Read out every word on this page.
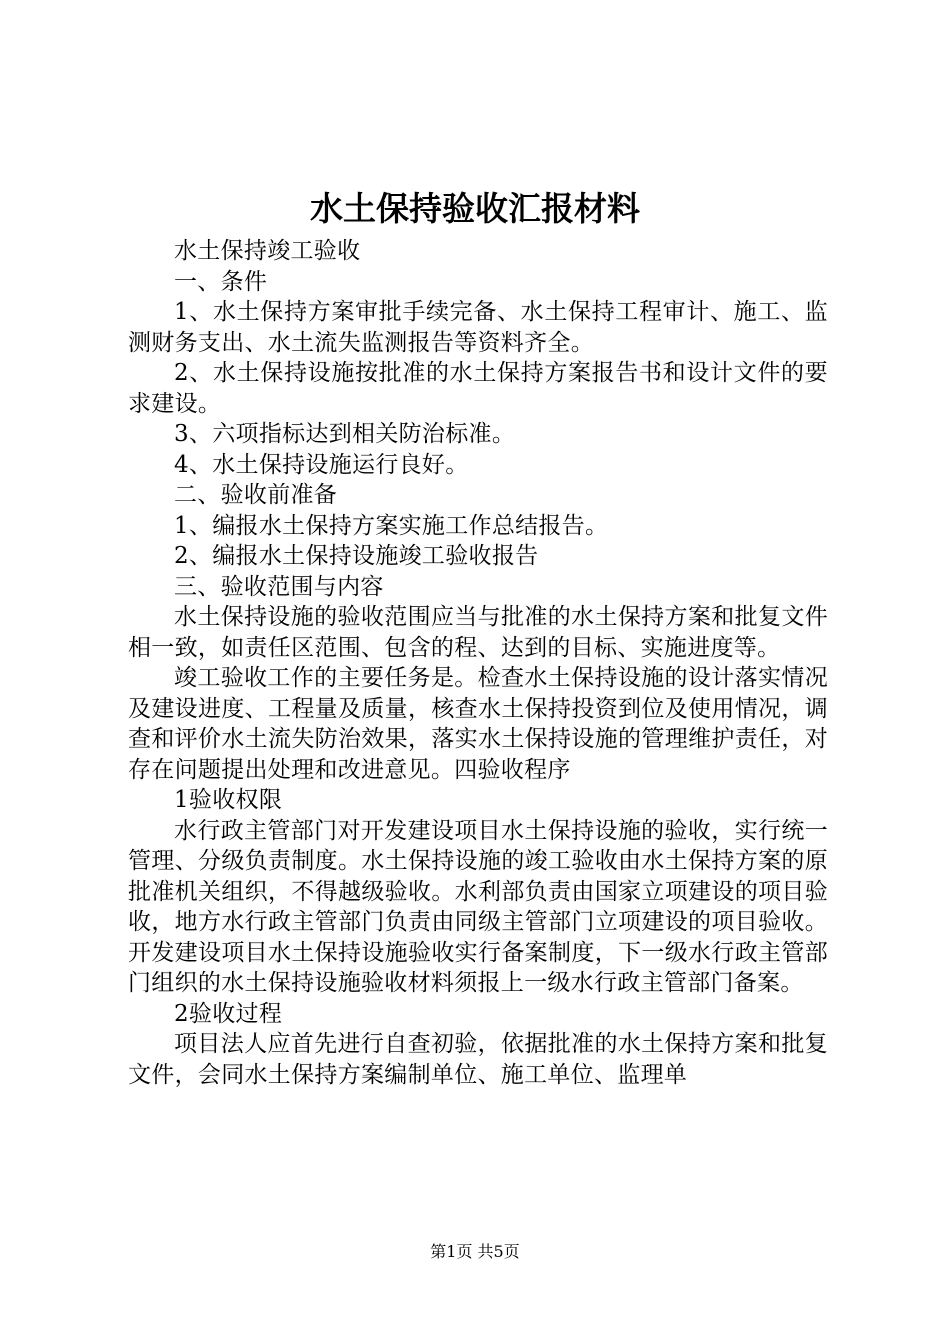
水土保持验收汇报材料

水土保持竣工验收

一、条件

1、水土保持方案审批手续完备、水土保持工程审计、施工、监测财务支出、水土流失监测报告等资料齐全。

2、水土保持设施按批准的水土保持方案报告书和设计文件的要求建设。

3、六项指标达到相关防治标准。

4、水土保持设施运行良好。

二、验收前准备

1、编报水土保持方案实施工作总结报告。

2、编报水土保持设施竣工验收报告

三、验收范围与内容

水土保持设施的验收范围应当与批准的水土保持方案和批复文件相一致，如责任区范围、包含的程、达到的目标、实施进度等。

竣工验收工作的主要任务是。检查水土保持设施的设计落实情况及建设进度、工程量及质量，核查水土保持投资到位及使用情况，调查和评价水土流失防治效果，落实水土保持设施的管理维护责任，对存在问题提出处理和改进意见。四验收程序

1验收权限

水行政主管部门对开发建设项目水土保持设施的验收，实行统一管理、分级负责制度。水土保持设施的竣工验收由水土保持方案的原批准机关组织，不得越级验收。水利部负责由国家立项建设的项目验收，地方水行政主管部门负责由同级主管部门立项建设的项目验收。开发建设项目水土保持设施验收实行备案制度，下一级水行政主管部门组织的水土保持设施验收材料须报上一级水行政主管部门备案。

2验收过程

项目法人应首先进行自查初验，依据批准的水土保持方案和批复文件，会同水土保持方案编制单位、施工单位、监理单

第1页 共5页
